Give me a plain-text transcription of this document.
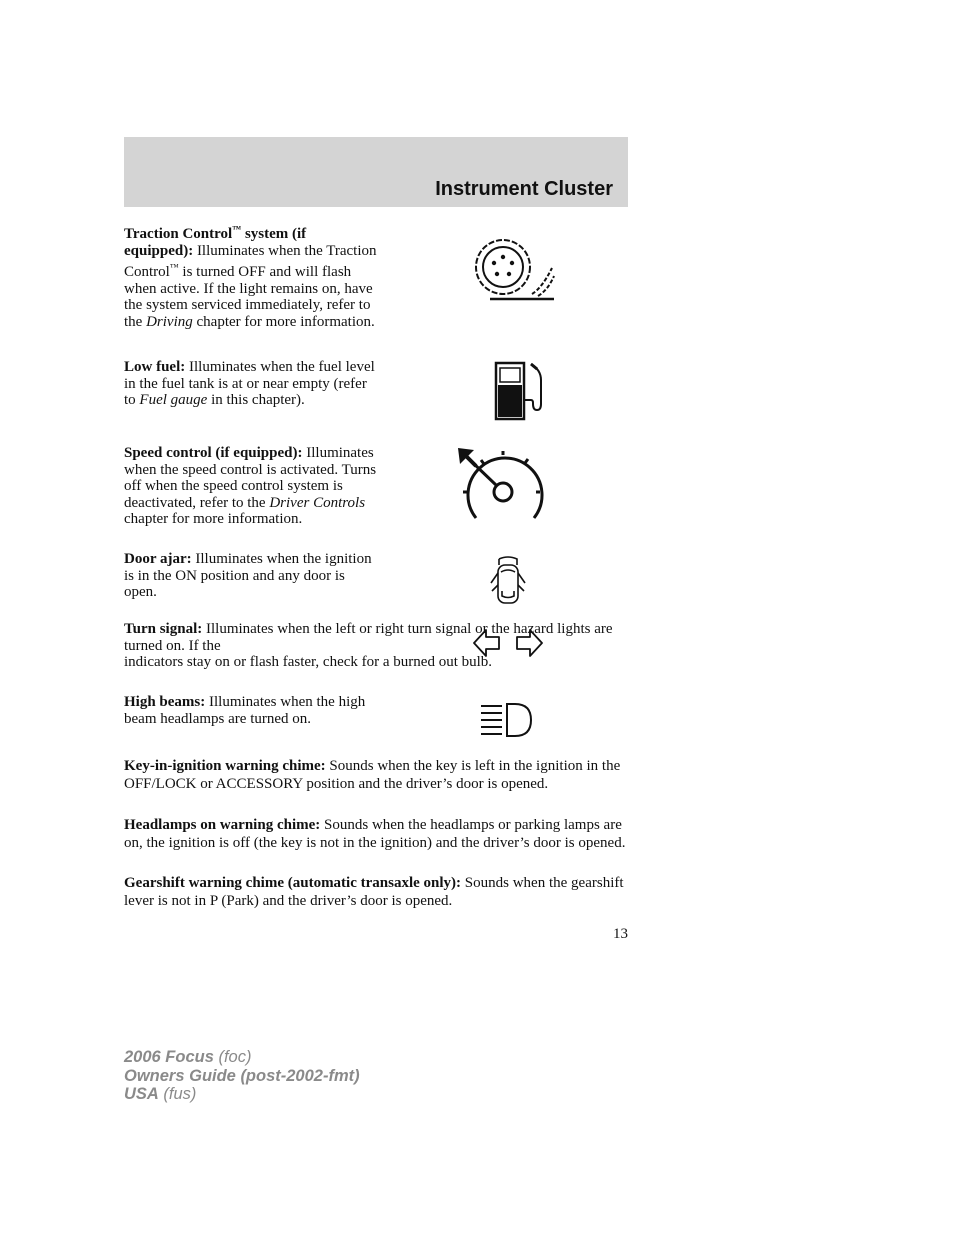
Instrument Cluster

Traction Control™ system (if equipped): Illuminates when the Traction Control™ is turned OFF and will flash when active. If the light remains on, have the system serviced immediately, refer to the Driving chapter for more information.

Low fuel: Illuminates when the fuel level in the fuel tank is at or near empty (refer to Fuel gauge in this chapter).

Speed control (if equipped): Illuminates when the speed control is activated. Turns off when the speed control system is deactivated, refer to the Driver Controls chapter for more information.

Door ajar: Illuminates when the ignition is in the ON position and any door is open.

Turn signal: Illuminates when the left or right turn signal or the hazard lights are turned on. If the
indicators stay on or flash faster, check for a burned out bulb.

High beams: Illuminates when the high beam headlamps are turned on.

Key-in-ignition warning chime: Sounds when the key is left in the ignition in the OFF/LOCK or ACCESSORY position and the driver’s door is opened.

Headlamps on warning chime: Sounds when the headlamps or parking lamps are on, the ignition is off (the key is not in the ignition) and the driver’s door is opened.

Gearshift warning chime (automatic transaxle only): Sounds when the gearshift lever is not in P (Park) and the driver’s door is opened.

13

2006 Focus (foc)
Owners Guide (post-2002-fmt)
USA (fus)
